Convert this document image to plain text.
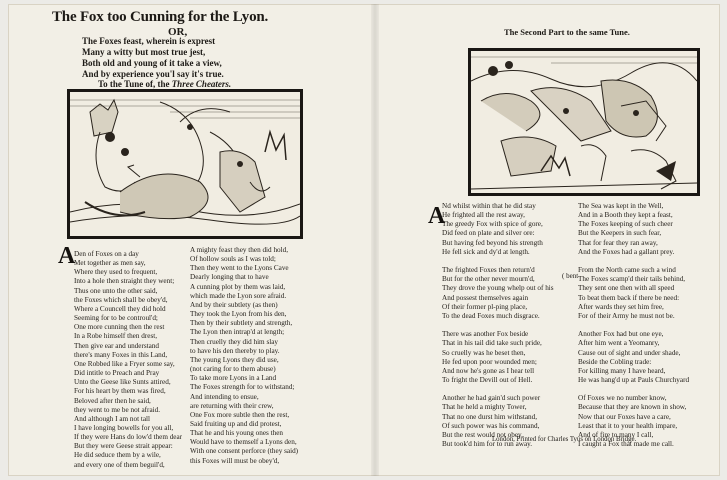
The Fox too Cunning for the Lyon.
OR,
The Foxes feast, wherein is exprest
Many a witty but most true jest,
Both old and young of it take a view,
And by experience you'l say it's true.
To the Tune of, the Three Cheaters.
A
Den of Foxes on a day
Met together as men say,
Where they used to frequent,
Into a hole then straight they went;
Thus one unto the other said,
the Foxes which shall be obey'd,
Where a Councell they did hold
Seeming for to be controul'd;
One more cunning then the rest
In a Robe himself then drest,
Then give ear and understand
there's many Foxes in this Land,
One Robbed like a Fryer some say,
Did intitle to Preach and Pray
Unto the Geese like Sunts attired,
For his heart by them was fired,
Beloved after then he said,
they went to me be not afraid.
And although I am not tall
I have longing bowells for you all,
If they were Hans do low'd them dear
But they were Geese strait appear:
He did seduce them by a wile,
and every one of them beguil'd,
A mighty feast they then did hold,
Of hollow souls as I was told;
Then they went to the Lyons Cave
Dearly longing that to have
A cunning plot by them was laid,
which made the Lyon sore afraid.
And by their subtlety (as then)
They took the Lyon from his den,
Then by their subtlety and strength,
The Lyon then intrap'd at length;
Then cruelly they did him slay
to have his den thereby to play.
The young Lyons they did use,
(not caring for to them abuse)
To take more Lyons in a Land
The Foxes strength for to withstand;
And intending to ensue,
are returning with their crew,
One Fox more subtle then the rest,
Said fruiting up and did protest,
That he and his young ones then
Would have to themself a Lyons den,
With one consent perforce (they said)
this Foxes will must be obey'd,
The Second Part to the same Tune.
A
Nd whilst within that he did stay
He frighted all the rest away,
The greedy Fox with spice of gore,
Did feed on plate and silver ore:
But having fed beyond his strength
He fell sick and dy'd at length.

The frighted Foxes then return'd
But for the other never mourn'd,
They drove the young whelp out of his
And possest themselves again
Of their former pl-ping place,
To the dead Foxes much disgrace.

There was another Fox beside
That in his tail did take such pride,
So cruelly was he beset then,
He fed upon poor wounded men;
And now he's gone as I hear tell
To fright the Devill out of Hell.

Another he had gain'd such power
That he held a mighty Tower,
That no one durst him withstand,
Of such power was his command,
But the rest would not obey,
But took'd him for to run away.
( bent
The Sea was kept in the Well,
And in a Booth they kept a feast,
The Foxes keeping of such cheer
But the Keepers in such fear,
That for fear they ran away,
And the Foxes had a gallant prey.

From the North came such a wind
The Foxes scamp'd their tails behind,
They sent one then with all speed
To beat them back if there be need:
After wards they set him free,
For of their Army he must not be.

Another Fox had but one eye,
After him went a Yeomanry,
Cause out of sight and under shade,
Beside the Cobling trade:
For killing many I have heard,
He was hang'd up at Pauls Churchyard

Of Foxes we no number know,
Because that they are known in show,
Now that our Foxes have a care,
Least that it to your health impare,
And of fire to many I call,
I caught a Fox that made me call.
London, Printed for Charles Tyus on London Bridge.
